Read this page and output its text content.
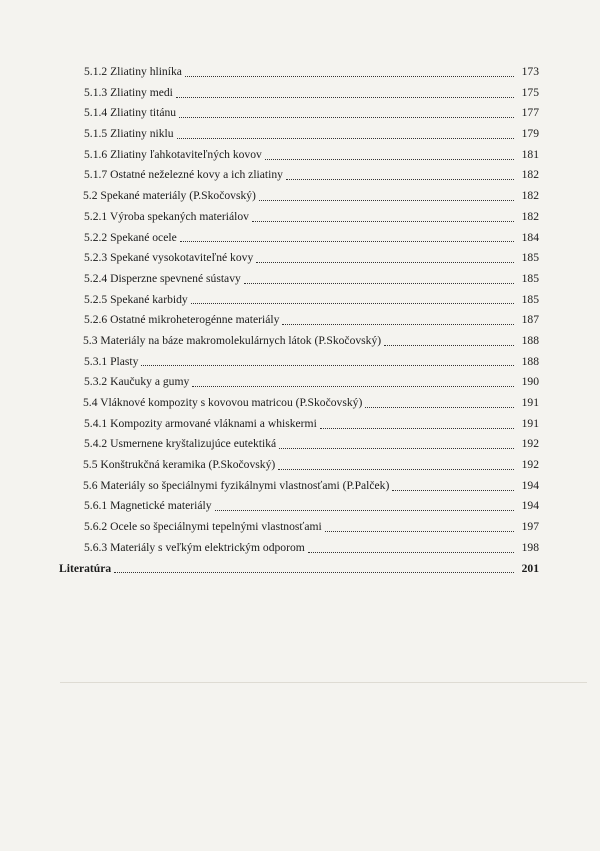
5.1.2 Zliatiny hliníka	173
5.1.3 Zliatiny medi	175
5.1.4 Zliatiny titánu	177
5.1.5 Zliatiny niklu	179
5.1.6 Zliatiny ľahkotaviteľných kovov	181
5.1.7 Ostatné neželezné kovy a ich zliatiny	182
5.2 Spekané materiály (P.Skočovský)	182
5.2.1 Výroba spekaných materiálov	182
5.2.2 Spekané ocele	184
5.2.3 Spekané vysokotaviteľné kovy	185
5.2.4 Disperzne spevnené sústavy	185
5.2.5 Spekané karbidy	185
5.2.6 Ostatné mikroheterogénne materiály	187
5.3 Materiály na báze makromolekulárnych látok (P.Skočovský)	188
5.3.1 Plasty	188
5.3.2 Kaučuky a gumy	190
5.4 Vláknové kompozity s kovovou matricou (P.Skočovský)	191
5.4.1 Kompozity armované vláknami a whiskermi	191
5.4.2 Usmernene kryštalizujúce eutektiká	192
5.5 Konštrukčná keramika (P.Skočovský)	192
5.6 Materiály so špeciálnymi fyzikálnymi vlastnosťami (P.Palček)	194
5.6.1 Magnetické materiály	194
5.6.2 Ocele so špeciálnymi tepelnými vlastnosťami	197
5.6.3 Materiály s veľkým elektrickým odporom	198
Literatúra	201
